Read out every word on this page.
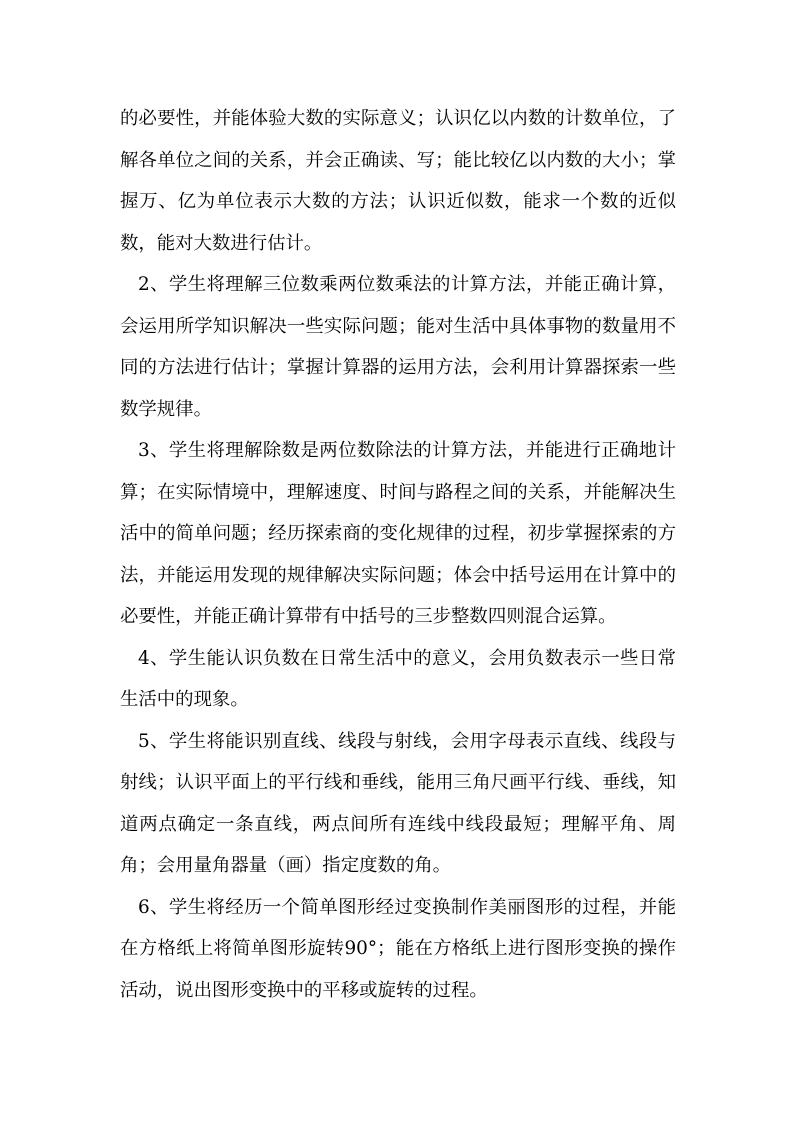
的必要性，并能体验大数的实际意义；认识亿以内数的计数单位，了解各单位之间的关系，并会正确读、写；能比较亿以内数的大小；掌握万、亿为单位表示大数的方法；认识近似数，能求一个数的近似数，能对大数进行估计。

2、学生将理解三位数乘两位数乘法的计算方法，并能正确计算，会运用所学知识解决一些实际问题；能对生活中具体事物的数量用不同的方法进行估计；掌握计算器的运用方法，会利用计算器探索一些数学规律。

3、学生将理解除数是两位数除法的计算方法，并能进行正确地计算；在实际情境中，理解速度、时间与路程之间的关系，并能解决生活中的简单问题；经历探索商的变化规律的过程，初步掌握探索的方法，并能运用发现的规律解决实际问题；体会中括号运用在计算中的必要性，并能正确计算带有中括号的三步整数四则混合运算。

4、学生能认识负数在日常生活中的意义，会用负数表示一些日常生活中的现象。

5、学生将能识别直线、线段与射线，会用字母表示直线、线段与射线；认识平面上的平行线和垂线，能用三角尺画平行线、垂线，知道两点确定一条直线，两点间所有连线中线段最短；理解平角、周角；会用量角器量（画）指定度数的角。

6、学生将经历一个简单图形经过变换制作美丽图形的过程，并能在方格纸上将简单图形旋转90°；能在方格纸上进行图形变换的操作活动，说出图形变换中的平移或旋转的过程。
